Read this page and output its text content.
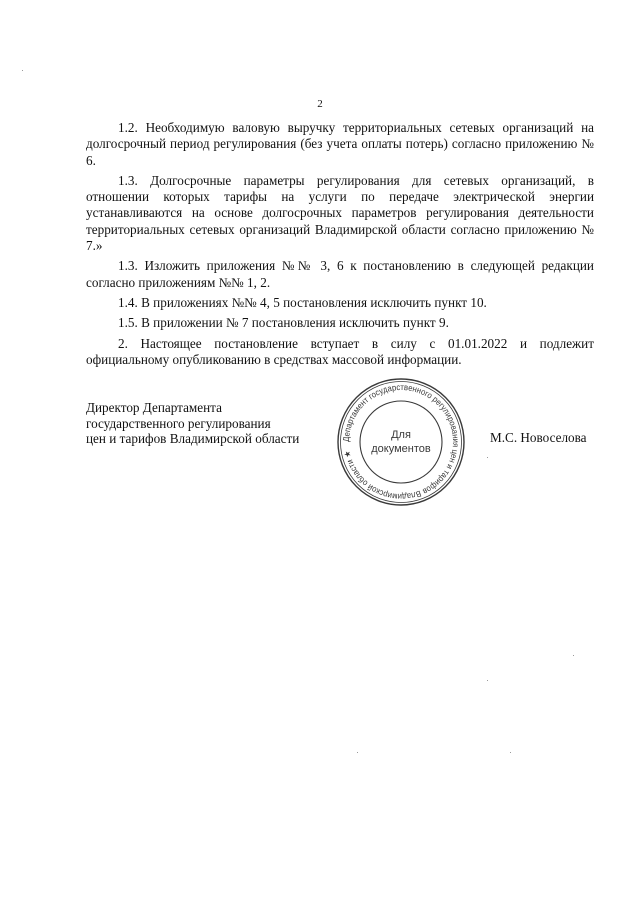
2

1.2. Необходимую валовую выручку территориальных сетевых организаций на долгосрочный период регулирования (без учета оплаты потерь) согласно приложению № 6.

1.3. Долгосрочные параметры регулирования для сетевых организаций, в отношении которых тарифы на услуги по передаче электрической энергии устанавливаются на основе долгосрочных параметров регулирования деятельности территориальных сетевых организаций Владимирской области согласно приложению № 7.»

1.3. Изложить приложения №№ 3, 6 к постановлению в следующей редакции согласно приложениям №№ 1, 2.

1.4. В приложениях №№ 4, 5 постановления исключить пункт 10.

1.5. В приложении № 7 постановления исключить пункт 9.

2. Настоящее постановление вступает в силу с 01.01.2022 и подлежит официальному опубликованию в средствах массовой информации.

Директор Департамента
государственного регулирования
цен и тарифов Владимирской области	Департамент государственного регулирования цен и тарифов Владимирской области ★
Для
документов
М.С. Новоселова
